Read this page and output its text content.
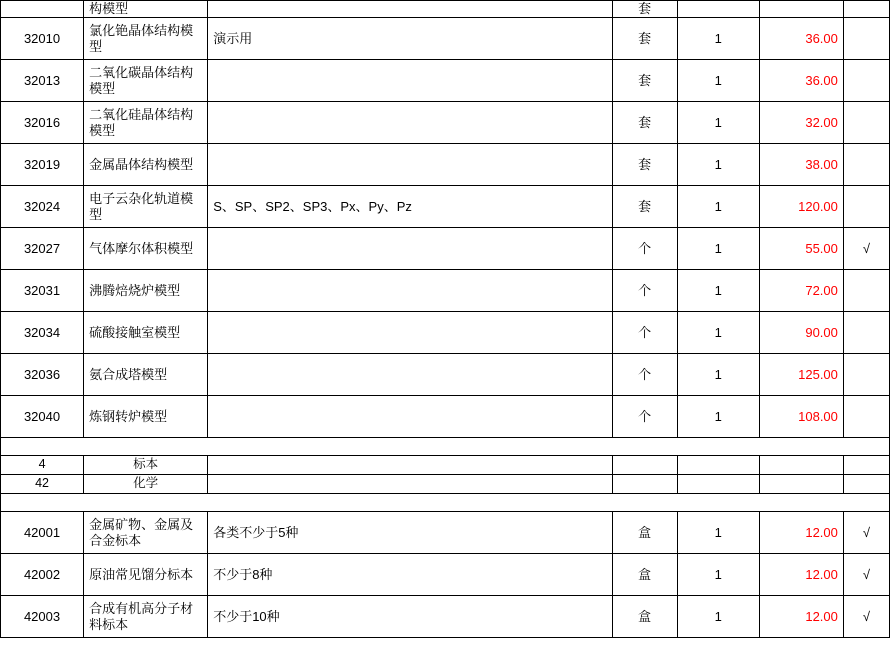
	构模型		套			
32010	氯化铯晶体结构模型	演示用	套	1	36.00	
32013	二氧化碳晶体结构模型		套	1	36.00	
32016	二氧化硅晶体结构模型		套	1	32.00	
32019	金属晶体结构模型		套	1	38.00	
32024	电子云杂化轨道模型	S、SP、SP2、SP3、Px、Py、Pz	套	1	120.00	
32027	气体摩尔体积模型		个	1	55.00	√
32031	沸腾焙烧炉模型		个	1	72.00	
32034	硫酸接触室模型		个	1	90.00	
32036	氨合成塔模型		个	1	125.00	
32040	炼钢转炉模型		个	1	108.00	

4	标本					
42	化学					

42001	金属矿物、金属及合金标本	各类不少于5种	盒	1	12.00	√
42002	原油常见馏分标本	不少于8种	盒	1	12.00	√
42003	合成有机高分子材料标本	不少于10种	盒	1	12.00	√
